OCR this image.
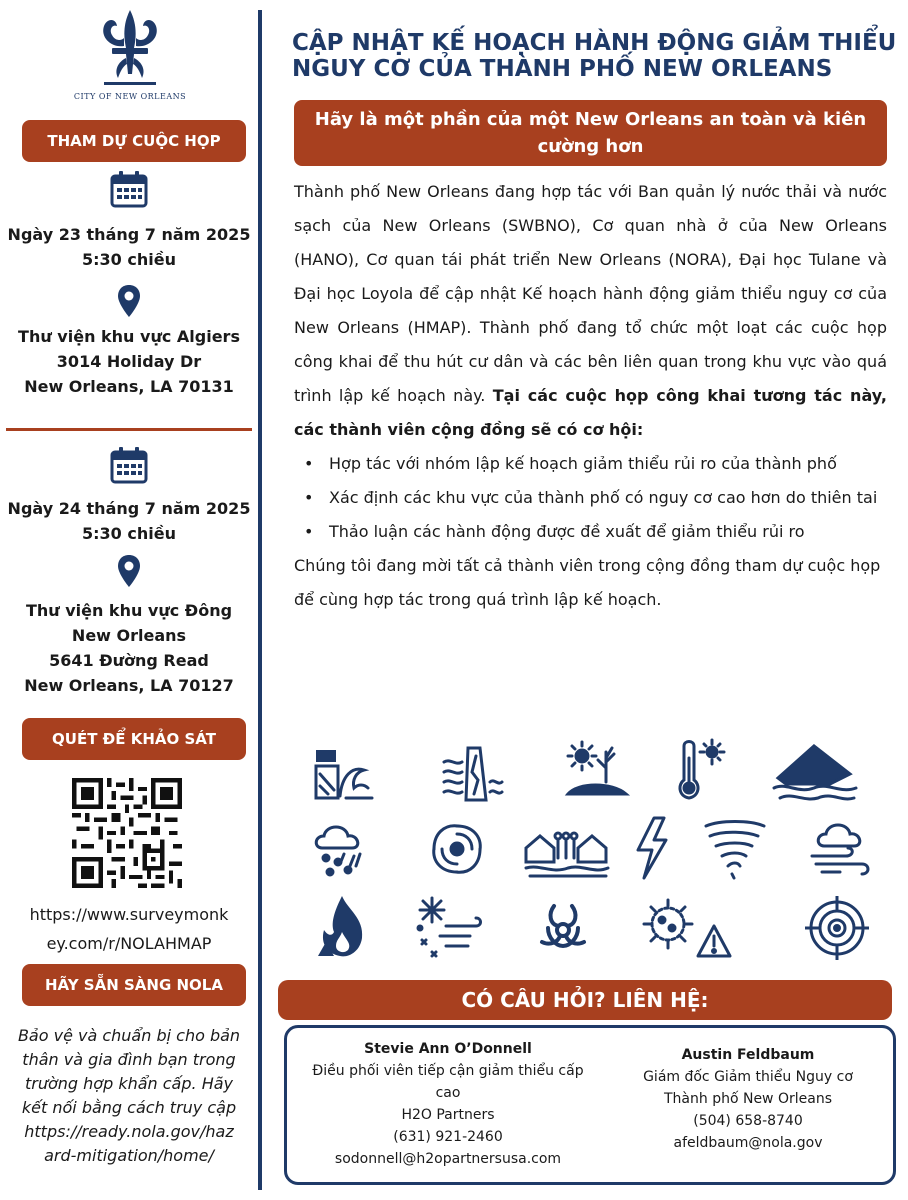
CITY OF NEW ORLEANS
THAM DỰ CUỘC HỌP
Ngày 23 tháng 7 năm 2025
5:30 chiều
Thư viện khu vực Algiers
3014 Holiday Dr
New Orleans, LA 70131
Ngày 24 tháng 7 năm 2025
5:30 chiều
Thư viện khu vực Đông
New Orleans
5641 Đường Read
New Orleans, LA 70127
QUÉT ĐỂ KHẢO SÁT
https://www.surveymonk
ey.com/r/NOLAHMAP
HÃY SẴN SÀNG NOLA
Bảo vệ và chuẩn bị cho bản
thân và gia đình bạn trong
trường hợp khẩn cấp. Hãy
kết nối bằng cách truy cập
https://ready.nola.gov/haz
ard-mitigation/home/
CẬP NHẬT KẾ HOẠCH HÀNH ĐỘNG GIẢM THIỂU
NGUY CƠ CỦA THÀNH PHỐ NEW ORLEANS
Hãy là một phần của một New Orleans an toàn và kiên cường hơn

Thành phố New Orleans đang hợp tác với Ban quản lý nước thải và nước sạch của New Orleans (SWBNO), Cơ quan nhà ở của New Orleans (HANO), Cơ quan tái phát triển New Orleans (NORA), Đại học Tulane và Đại học Loyola để cập nhật Kế hoạch hành động giảm thiểu nguy cơ của New Orleans (HMAP). Thành phố đang tổ chức một loạt các cuộc họp công khai để thu hút cư dân và các bên liên quan trong khu vực vào quá trình lập kế hoạch này. Tại các cuộc họp công khai tương tác này, các thành viên cộng đồng sẽ có cơ hội:

• Hợp tác với nhóm lập kế hoạch giảm thiểu rủi ro của thành phố
• Xác định các khu vực của thành phố có nguy cơ cao hơn do thiên tai
• Thảo luận các hành động được đề xuất để giảm thiểu rủi ro

Chúng tôi đang mời tất cả thành viên trong cộng đồng tham dự cuộc họp để cùng hợp tác trong quá trình lập kế hoạch.

CÓ CÂU HỎI? LIÊN HỆ:
Stevie Ann O’Donnell
Điều phối viên tiếp cận giảm thiểu cấp
cao
H2O Partners
(631) 921-2460
sodonnell@h2opartnersusa.com
Austin Feldbaum
Giám đốc Giảm thiểu Nguy cơ
Thành phố New Orleans
(504) 658-8740
afeldbaum@nola.gov
